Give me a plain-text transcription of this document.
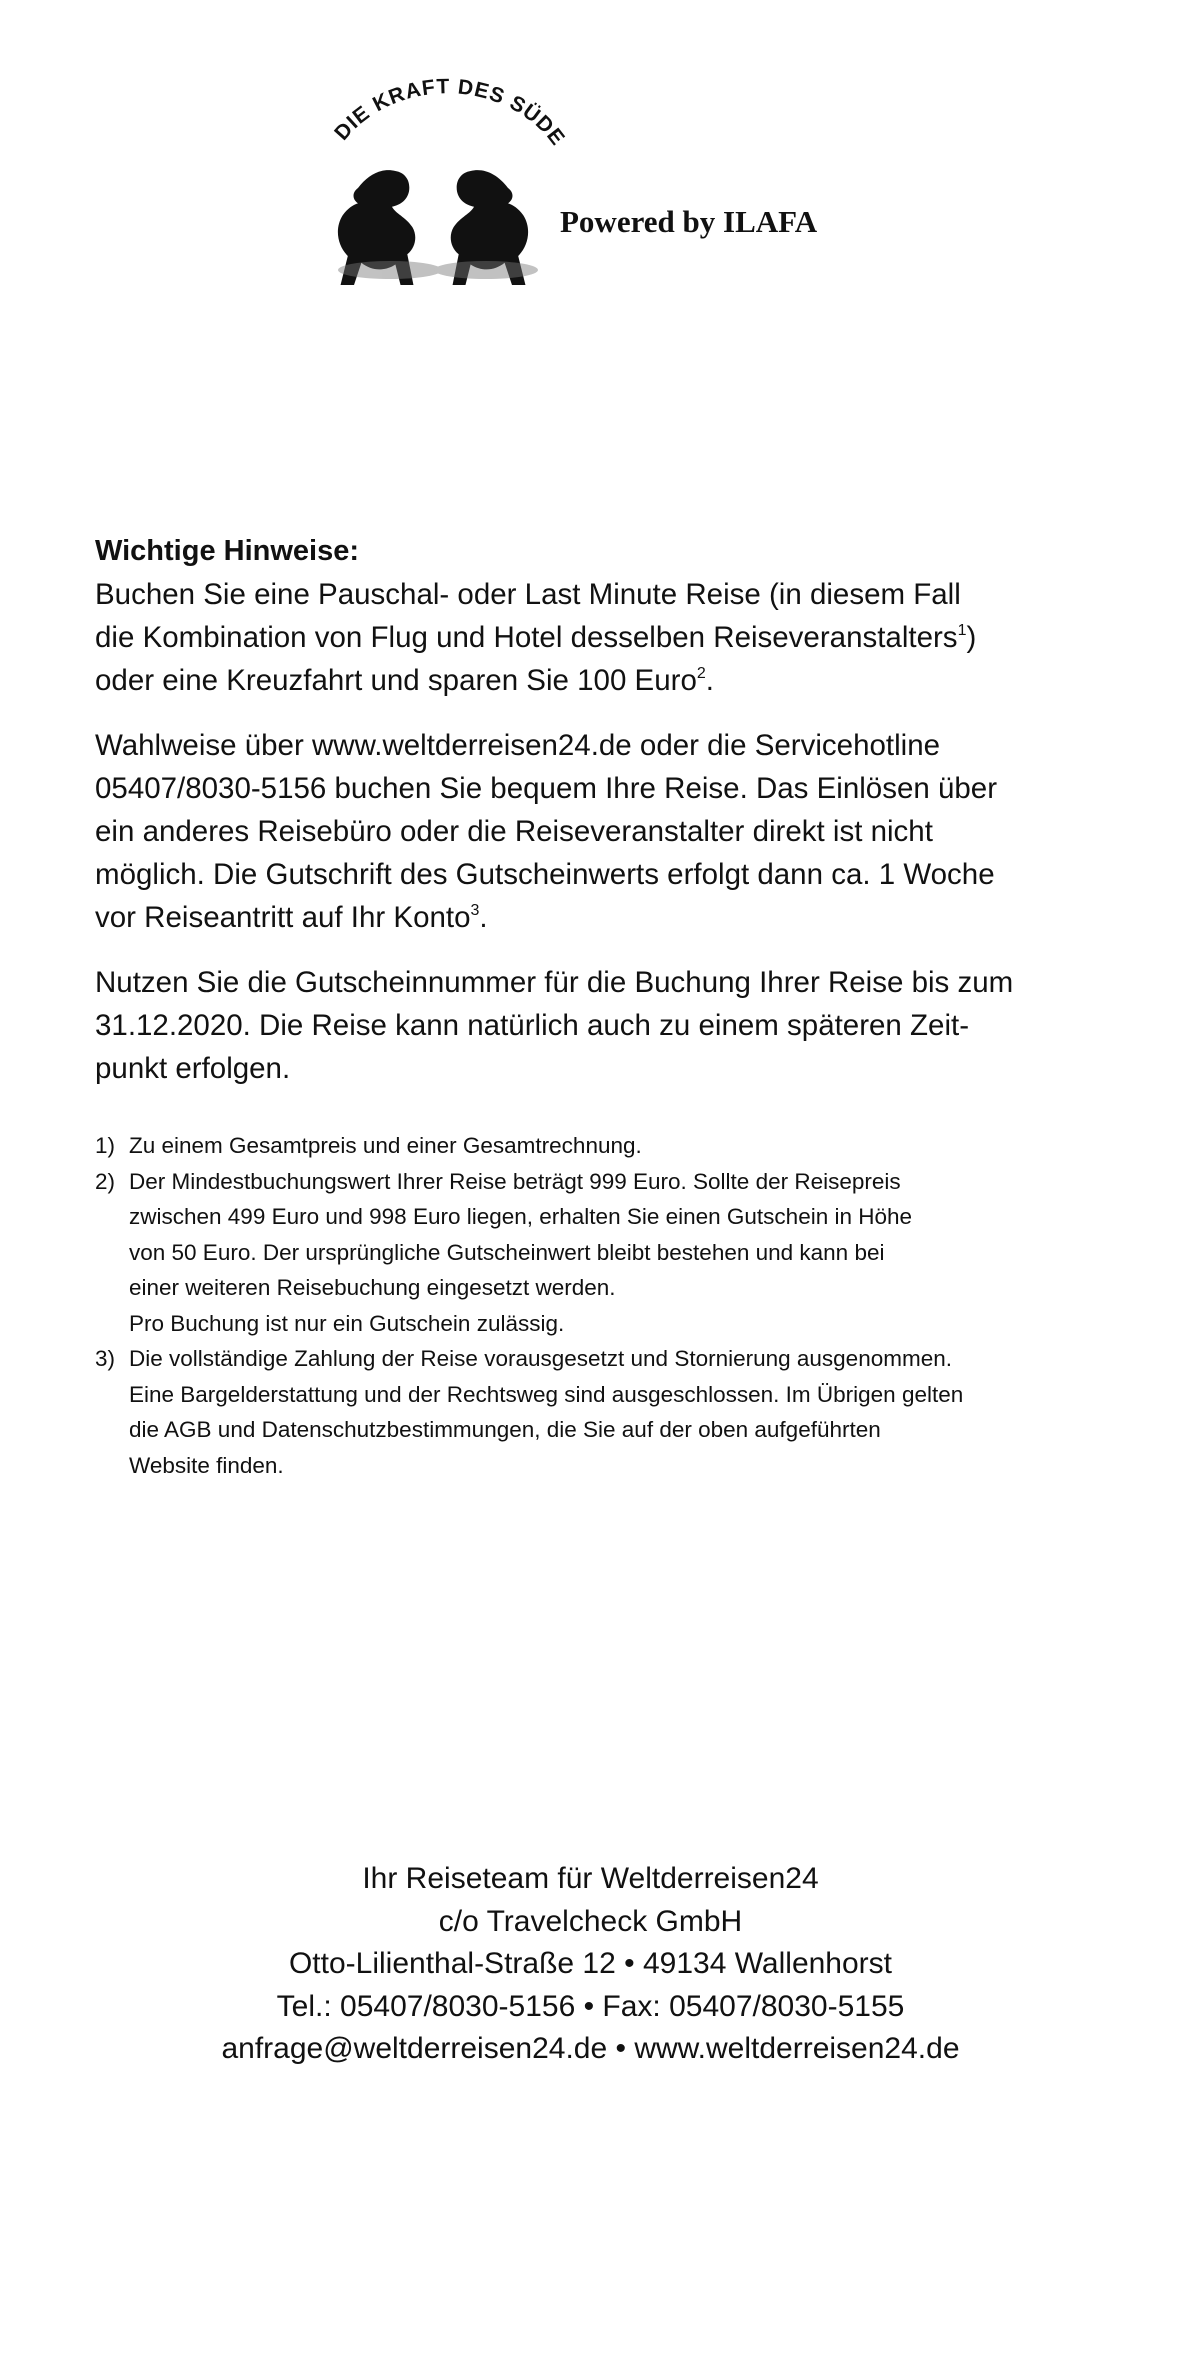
DIE KRAFT DES SÜDE
Powered by ILAFA
Wichtige Hinweise:

Buchen Sie eine Pauschal- oder Last Minute Reise (in diesem Fall

die Kombination von Flug und Hotel desselben Reiseveranstalters$^1$)

oder eine Kreuzfahrt und sparen Sie 100 Euro$^2$.

Wahlweise über www.weltderreisen24.de oder die Servicehotline

05407/8030-5156 buchen Sie bequem Ihre Reise. Das Einlösen über

ein anderes Reisebüro oder die Reiseveranstalter direkt ist nicht

möglich. Die Gutschrift des Gutscheinwerts erfolgt dann ca. 1 Woche

vor Reiseantritt auf Ihr Konto$^3$.

Nutzen Sie die Gutscheinnummer für die Buchung Ihrer Reise bis zum

31.12.2020. Die Reise kann natürlich auch zu einem späteren Zeit-

punkt erfolgen.

1) Zu einem Gesamtpreis und einer Gesamtrechnung.
2) Der Mindestbuchungswert Ihrer Reise beträgt 999 Euro. Sollte der Reisepreis
zwischen 499 Euro und 998 Euro liegen, erhalten Sie einen Gutschein in Höhe
von 50 Euro. Der ursprüngliche Gutscheinwert bleibt bestehen und kann bei
einer weiteren Reisebuchung eingesetzt werden.
Pro Buchung ist nur ein Gutschein zulässig.
3) Die vollständige Zahlung der Reise vorausgesetzt und Stornierung ausgenommen.
Eine Bargelderstattung und der Rechtsweg sind ausgeschlossen. Im Übrigen gelten
die AGB und Datenschutzbestimmungen, die Sie auf der oben aufgeführten
Website finden.
Ihr Reiseteam für Weltderreisen24
c/o Travelcheck GmbH
Otto-Lilienthal-Straße 12 • 49134 Wallenhorst
Tel.: 05407/8030-5156 • Fax: 05407/8030-5155
anfrage@weltderreisen24.de • www.weltderreisen24.de
